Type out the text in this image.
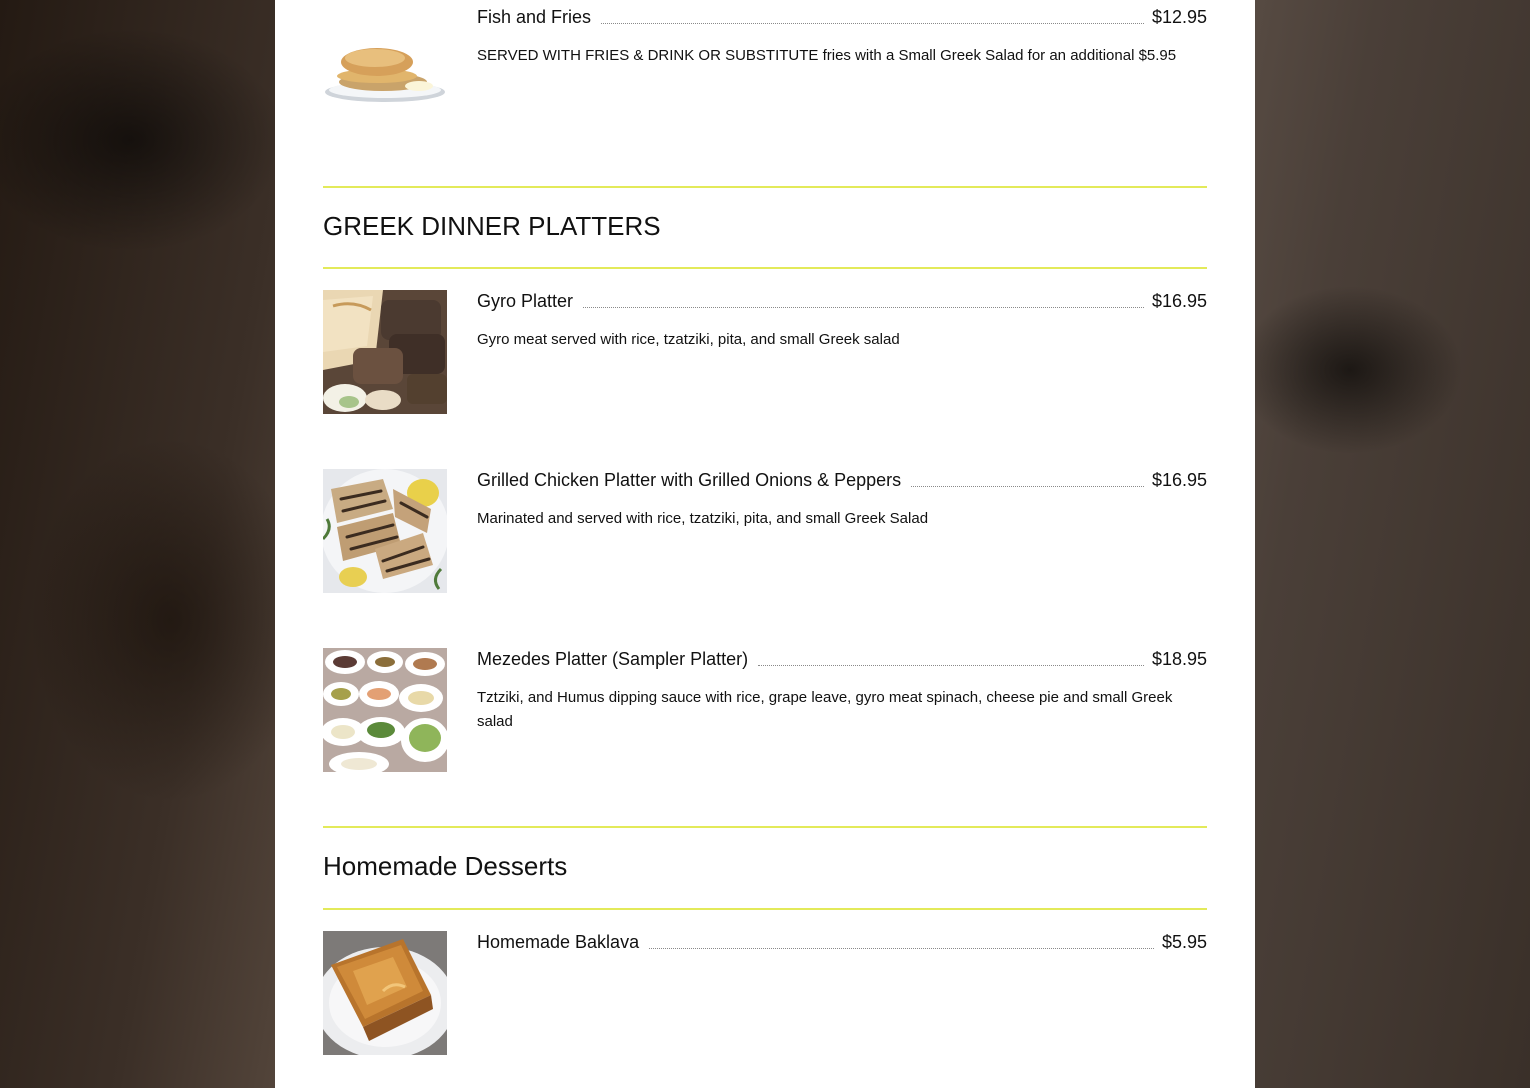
Fish and Fries	$12.95
SERVED WITH FRIES & DRINK OR SUBSTITUTE fries with a Small Greek Salad for an additional $5.95
GREEK DINNER PLATTERS
Gyro Platter	$16.95
Gyro meat served with rice, tzatziki, pita, and small Greek salad
Grilled Chicken Platter with Grilled Onions & Peppers	$16.95
Marinated and served with rice, tzatziki, pita, and small Greek Salad
Mezedes Platter (Sampler Platter)	$18.95
Tztziki, and Humus dipping sauce with rice, grape leave, gyro meat spinach, cheese pie and small Greek salad
Homemade Desserts
Homemade Baklava	$5.95
